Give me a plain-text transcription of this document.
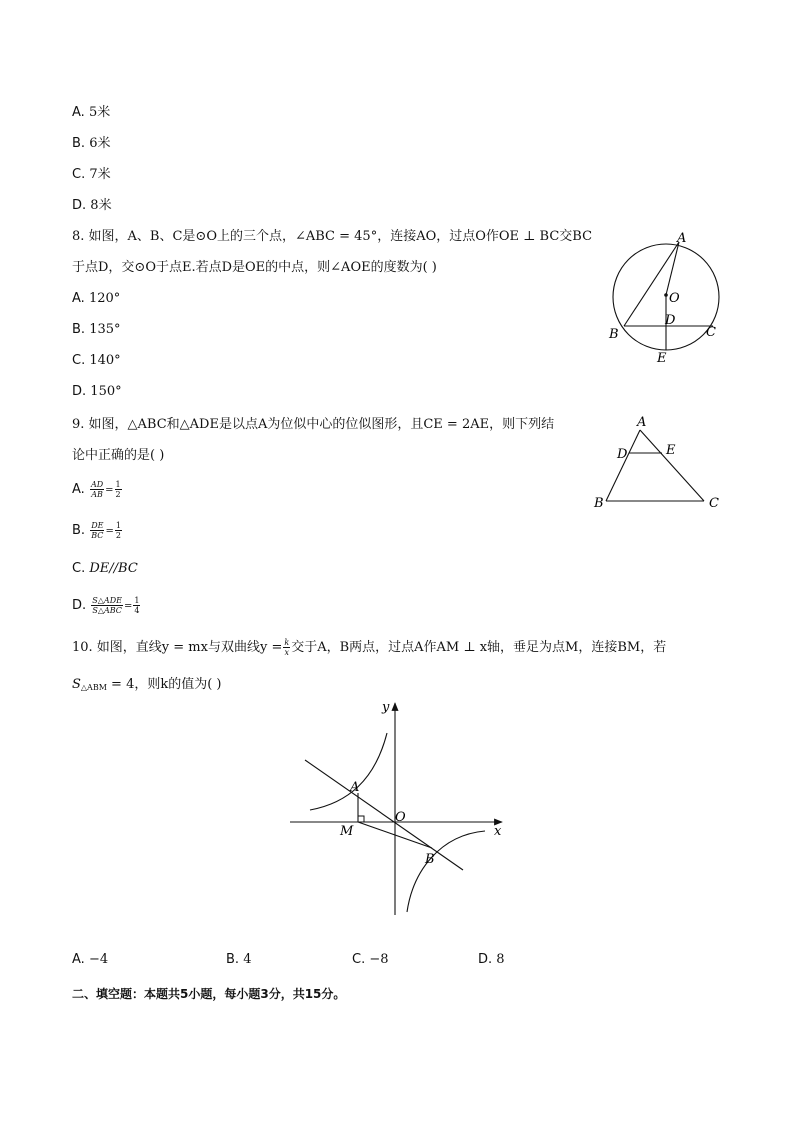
A. 5米
B. 6米
C. 7米
D. 8米
8. 如图，A、B、C是⊙O上的三个点，∠ABC = 45°，连接AO，过点O作OE ⊥ BC交BC
于点D，交⊙O于点E.若点D是OE的中点，则∠AOE的度数为( )
A. 120°
B. 135°
C. 140°
D. 150°
A
O
D
B	C
E
9. 如图，△ABC和△ADE是以点A为位似中心的位似图形，且CE = 2AE，则下列结
论中正确的是( )
A. $\frac{AD}{AB} = \frac{1}{2}$
B. $\frac{DE}{BC} = \frac{1}{2}$
C. DE//BC
D. $\frac{\text{S△ADE}}{\text{S△ABC}} = \frac{1}{4}$
A
D	E
B	C
10. 如图，直线y = mx与双曲线$y = \frac{k}{x}$ 交于A，B两点，过点A作AM ⊥ x轴，垂足为点M，连接BM，若
$S_{\triangle ABM} = 4$，则k的值为( )
y
x
A
O
M
B
A. −4	B. 4	C. −8	D. 8
二、填空题：本题共5小题，每小题3分，共15分。
